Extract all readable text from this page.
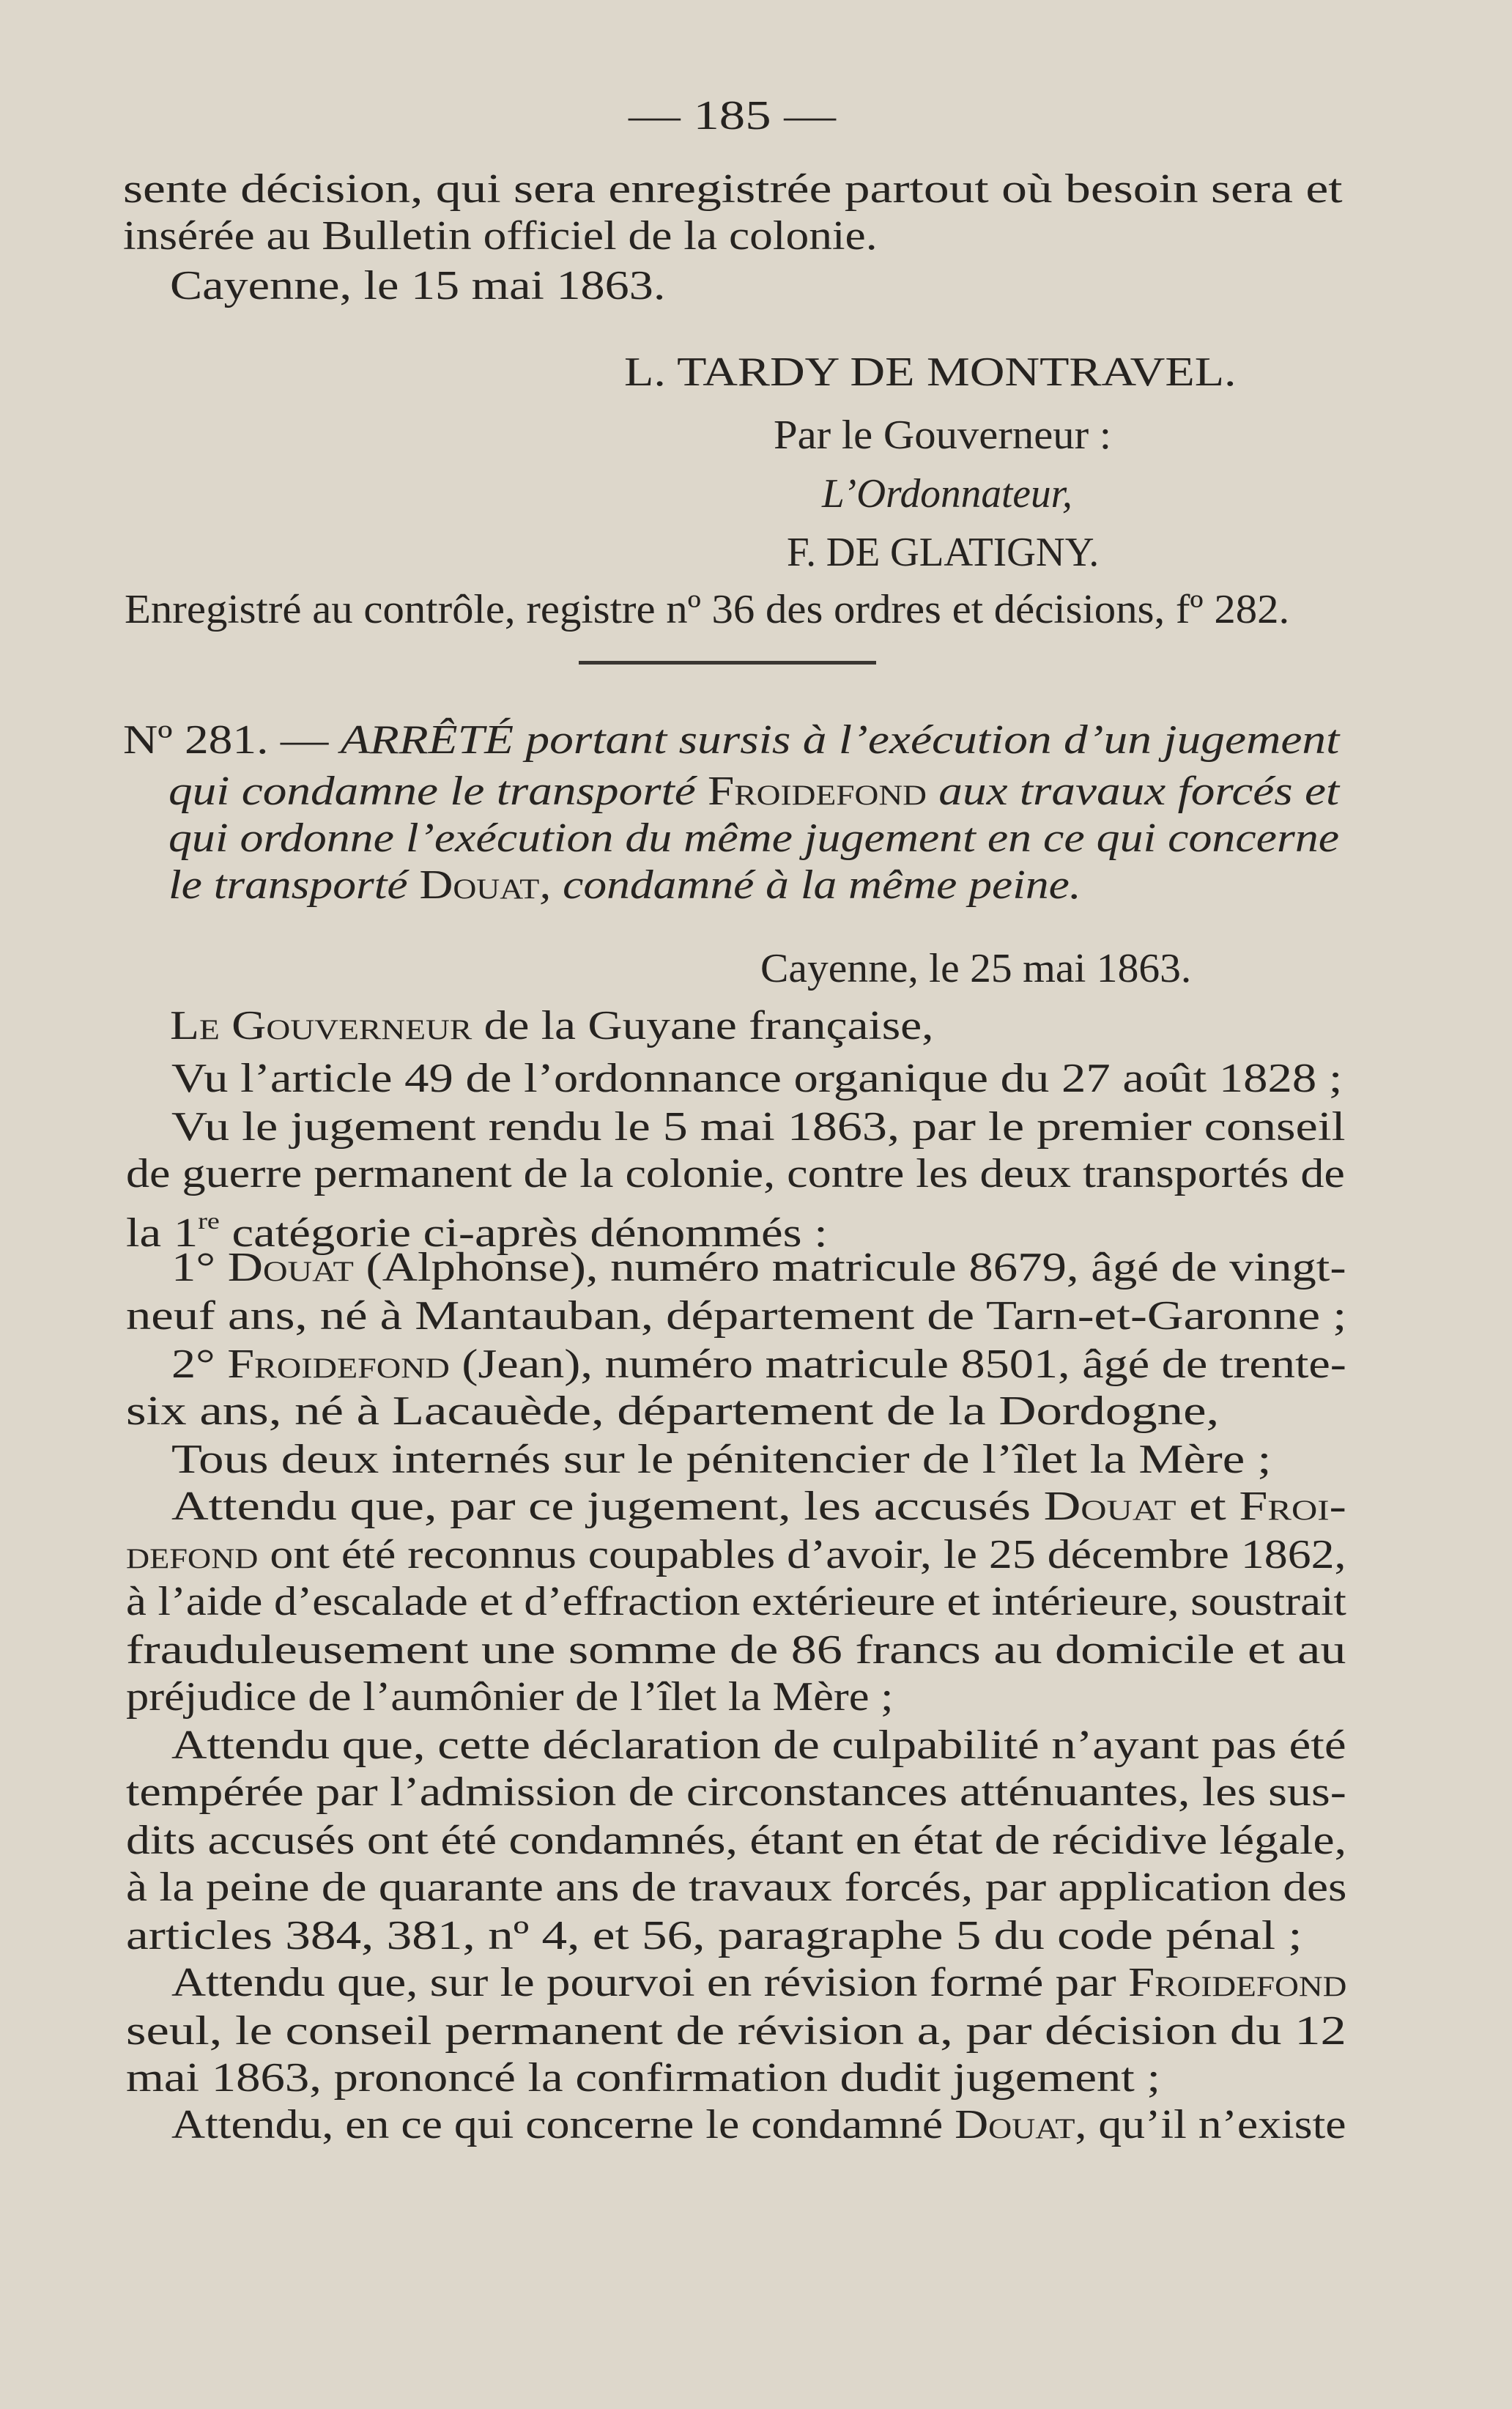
— 185 —
sente décision, qui sera enregistrée partout où besoin sera et
insérée au Bulletin officiel de la colonie.
Cayenne, le 15 mai 1863.
L. TARDY DE MONTRAVEL.
Par le Gouverneur :
L’Ordonnateur,
F. DE GLATIGNY.
Enregistré au contrôle, registre nº 36 des ordres et décisions, fº 282.
Nº 281. — ARRÊTÉ portant sursis à l’exécution d’un jugement
qui condamne le transporté Froidefond aux travaux forcés et
qui ordonne l’exécution du même jugement en ce qui concerne
le transporté Douat, condamné à la même peine.
Cayenne, le 25 mai 1863.
Le Gouverneur de la Guyane française,
Vu l’article 49 de l’ordonnance organique du 27 août 1828 ;
Vu le jugement rendu le 5 mai 1863, par le premier conseil
de guerre permanent de la colonie, contre les deux transportés de
la 1re catégorie ci-après dénommés :
1° Douat (Alphonse), numéro matricule 8679, âgé de vingt-
neuf ans, né à Mantauban, département de Tarn-et-Garonne ;
2° Froidefond (Jean), numéro matricule 8501, âgé de trente-
six ans, né à Lacauède, département de la Dordogne,
Tous deux internés sur le pénitencier de l’îlet la Mère ;
Attendu que, par ce jugement, les accusés Douat et Froi-
defond ont été reconnus coupables d’avoir, le 25 décembre 1862,
à l’aide d’escalade et d’effraction extérieure et intérieure, soustrait
frauduleusement une somme de 86 francs au domicile et au
préjudice de l’aumônier de l’îlet la Mère ;
Attendu que, cette déclaration de culpabilité n’ayant pas été
tempérée par l’admission de circonstances atténuantes, les sus-
dits accusés ont été condamnés, étant en état de récidive légale,
à la peine de quarante ans de travaux forcés, par application des
articles 384, 381, nº 4, et 56, paragraphe 5 du code pénal ;
Attendu que, sur le pourvoi en révision formé par Froidefond
seul, le conseil permanent de révision a, par décision du 12
mai 1863, prononcé la confirmation dudit jugement ;
Attendu, en ce qui concerne le condamné Douat, qu’il n’existe
